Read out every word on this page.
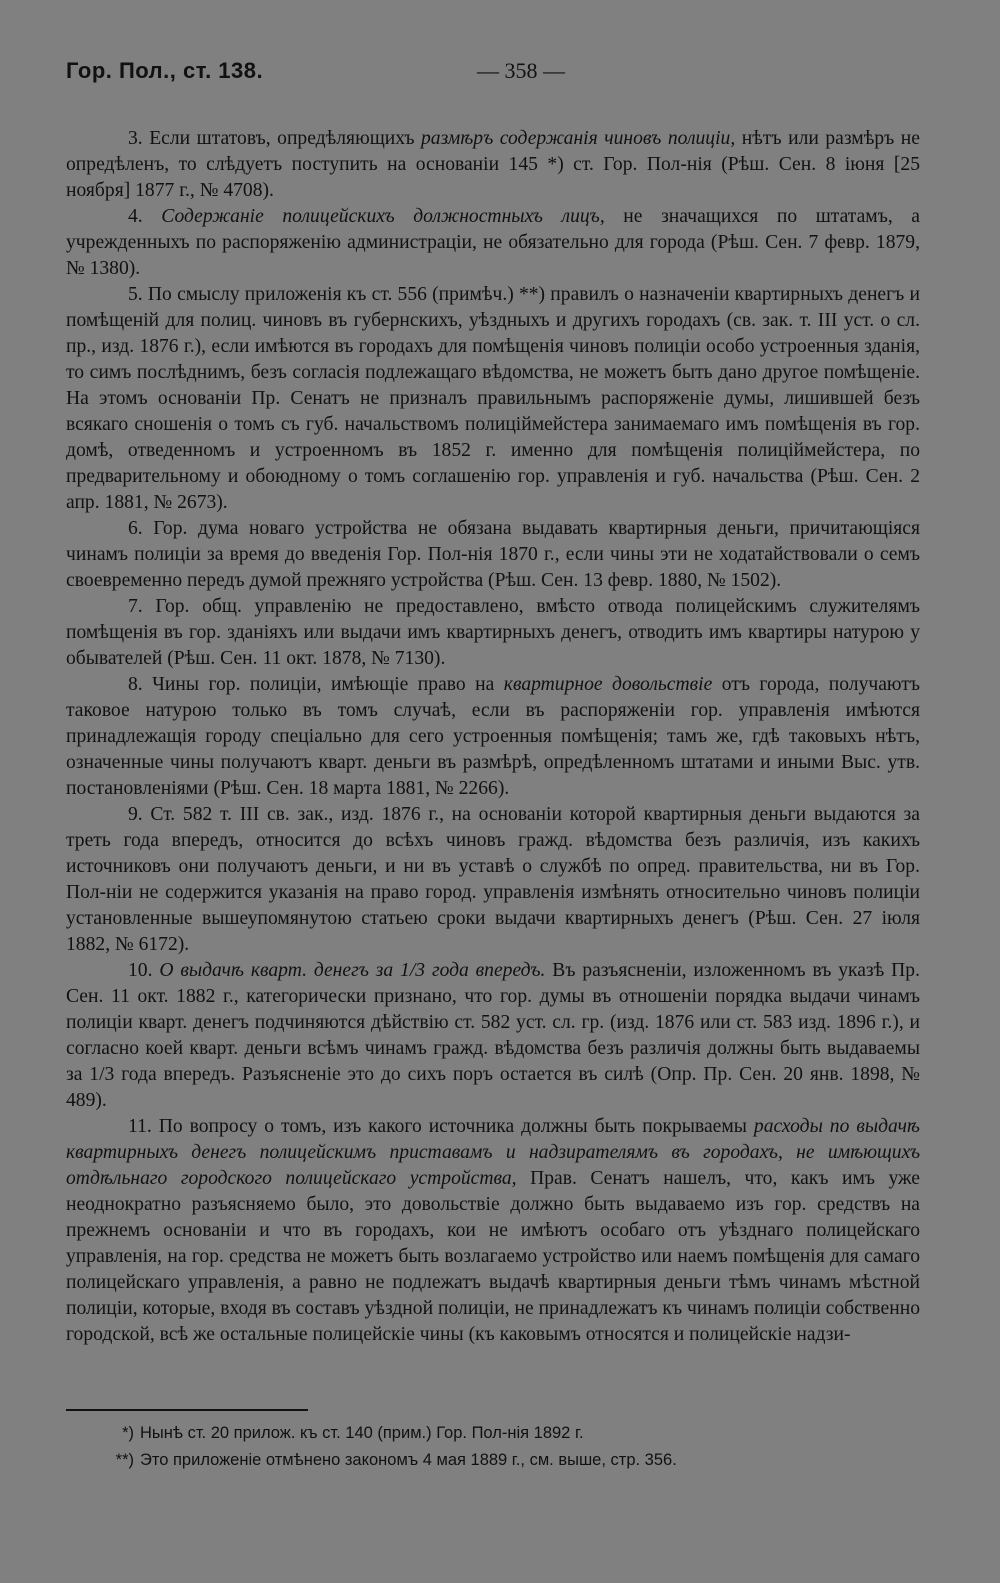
Гор. Пол., ст. 138.	— 358 —

3. Если штатовъ, опредѣляющихъ размѣръ содержанія чиновъ полиціи, нѣтъ или размѣръ не опредѣленъ, то слѣдуетъ поступить на основаніи 145 *) ст. Гор. Пол-нія (Рѣш. Сен. 8 іюня [25 ноября] 1877 г., № 4708).

4. Содержаніе полицейскихъ должностныхъ лицъ, не значащихся по штатамъ, а учрежденныхъ по распоряженію администраціи, не обязательно для города (Рѣш. Сен. 7 февр. 1879, № 1380).

5. По смыслу приложенія къ ст. 556 (примѣч.) **) правилъ о назначеніи квартирныхъ денегъ и помѣщеній для полиц. чиновъ въ губернскихъ, уѣздныхъ и другихъ городахъ (св. зак. т. III уст. о сл. пр., изд. 1876 г.), если имѣются въ городахъ для помѣщенія чиновъ полиціи особо устроенныя зданія, то симъ послѣднимъ, безъ согласія подлежащаго вѣдомства, не можетъ быть дано другое помѣщеніе. На этомъ основаніи Пр. Сенатъ не призналъ правильнымъ распоряженіе думы, лишившей безъ всякаго сношенія о томъ съ губ. начальствомъ полиціймейстера занимаемаго имъ помѣщенія въ гор. домѣ, отведенномъ и устроенномъ въ 1852 г. именно для помѣщенія полиціймейстера, по предварительному и обоюдному о томъ соглашенію гор. управленія и губ. начальства (Рѣш. Сен. 2 апр. 1881, № 2673).

6. Гор. дума новаго устройства не обязана выдавать квартирныя деньги, причитающіяся чинамъ полиціи за время до введенія Гор. Пол-нія 1870 г., если чины эти не ходатайствовали о семъ своевременно передъ думой прежняго устройства (Рѣш. Сен. 13 февр. 1880, № 1502).

7. Гор. общ. управленію не предоставлено, вмѣсто отвода полицейскимъ служителямъ помѣщенія въ гор. зданіяхъ или выдачи имъ квартирныхъ денегъ, отводить имъ квартиры натурою у обывателей (Рѣш. Сен. 11 окт. 1878, № 7130).

8. Чины гор. полиціи, имѣющіе право на квартирное довольствіе отъ города, получаютъ таковое натурою только въ томъ случаѣ, если въ распоряженіи гор. управленія имѣются принадлежащія городу спеціально для сего устроенныя помѣщенія; тамъ же, гдѣ таковыхъ нѣтъ, означенные чины получаютъ кварт. деньги въ размѣрѣ, опредѣленномъ штатами и иными Выс. утв. постановленіями (Рѣш. Сен. 18 марта 1881, № 2266).

9. Ст. 582 т. III св. зак., изд. 1876 г., на основаніи которой квартирныя деньги выдаются за треть года впередъ, относится до всѣхъ чиновъ гражд. вѣдомства безъ различія, изъ какихъ источниковъ они получаютъ деньги, и ни въ уставѣ о службѣ по опред. правительства, ни въ Гор. Пол-ніи не содержится указанія на право город. управленія измѣнять относительно чиновъ полиціи установленные вышеупомянутою статьею сроки выдачи квартирныхъ денегъ (Рѣш. Сен. 27 іюля 1882, № 6172).

10. О выдачѣ кварт. денегъ за 1/3 года впередъ. Въ разъясненіи, изложенномъ въ указѣ Пр. Сен. 11 окт. 1882 г., категорически признано, что гор. думы въ отношеніи порядка выдачи чинамъ полиціи кварт. денегъ подчиняются дѣйствію ст. 582 уст. сл. гр. (изд. 1876 или ст. 583 изд. 1896 г.), и согласно коей кварт. деньги всѣмъ чинамъ гражд. вѣдомства безъ различія должны быть выдаваемы за 1/3 года впередъ. Разъясненіе это до сихъ поръ остается въ силѣ (Опр. Пр. Сен. 20 янв. 1898, № 489).

11. По вопросу о томъ, изъ какого источника должны быть покрываемы расходы по выдачѣ квартирныхъ денегъ полицейскимъ приставамъ и надзирателямъ въ городахъ, не имѣющихъ отдѣльнаго городского полицейскаго устройства, Прав. Сенатъ нашелъ, что, какъ имъ уже неоднократно разъясняемо было, это довольствіе должно быть выдаваемо изъ гор. средствъ на прежнемъ основаніи и что въ городахъ, кои не имѣютъ особаго отъ уѣзднаго полицейскаго управленія, на гор. средства не можетъ быть возлагаемо устройство или наемъ помѣщенія для самаго полицейскаго управленія, а равно не подлежатъ выдачѣ квартирныя деньги тѣмъ чинамъ мѣстной полиціи, которые, входя въ составъ уѣздной полиціи, не принадлежатъ къ чинамъ полиціи собственно городской, всѣ же остальные полицейскіе чины (къ каковымъ относятся и полицейскіе надзи-

*) Нынѣ ст. 20 прилож. къ ст. 140 (прим.) Гор. Пол-нія 1892 г.

**) Это приложеніе отмѣнено закономъ 4 мая 1889 г., см. выше, стр. 356.
